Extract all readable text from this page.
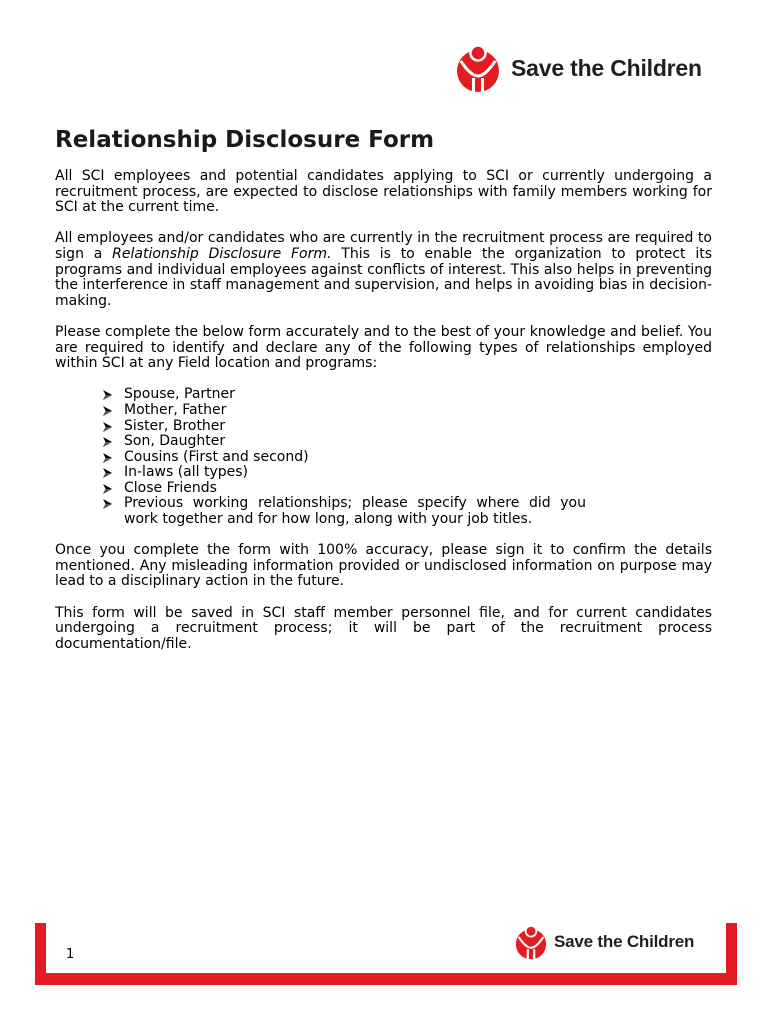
Save the Children
Relationship Disclosure Form

All SCI employees and potential candidates applying to SCI or currently undergoing a recruitment process, are expected to disclose relationships with family members working for SCI at the current time.

All employees and/or candidates who are currently in the recruitment process are required to sign a Relationship Disclosure Form. This is to enable the organization to protect its programs and individual employees against conflicts of interest. This also helps in preventing the interference in staff management and supervision, and helps in avoiding bias in decision-making.

Please complete the below form accurately and to the best of your knowledge and belief. You are required to identify and declare any of the following types of relationships employed within SCI at any Field location and programs:

Spouse, Partner
Mother, Father
Sister, Brother
Son, Daughter
Cousins (First and second)
In-laws (all types)
Close Friends
Previous working relationships; please specify where did you work together and for how long, along with your job titles.

Once you complete the form with 100% accuracy, please sign it to confirm the details mentioned. Any misleading information provided or undisclosed information on purpose may lead to a disciplinary action in the future.

This form will be saved in SCI staff member personnel file, and for current candidates undergoing a recruitment process; it will be part of the recruitment process documentation/file.

1
Save the Children
